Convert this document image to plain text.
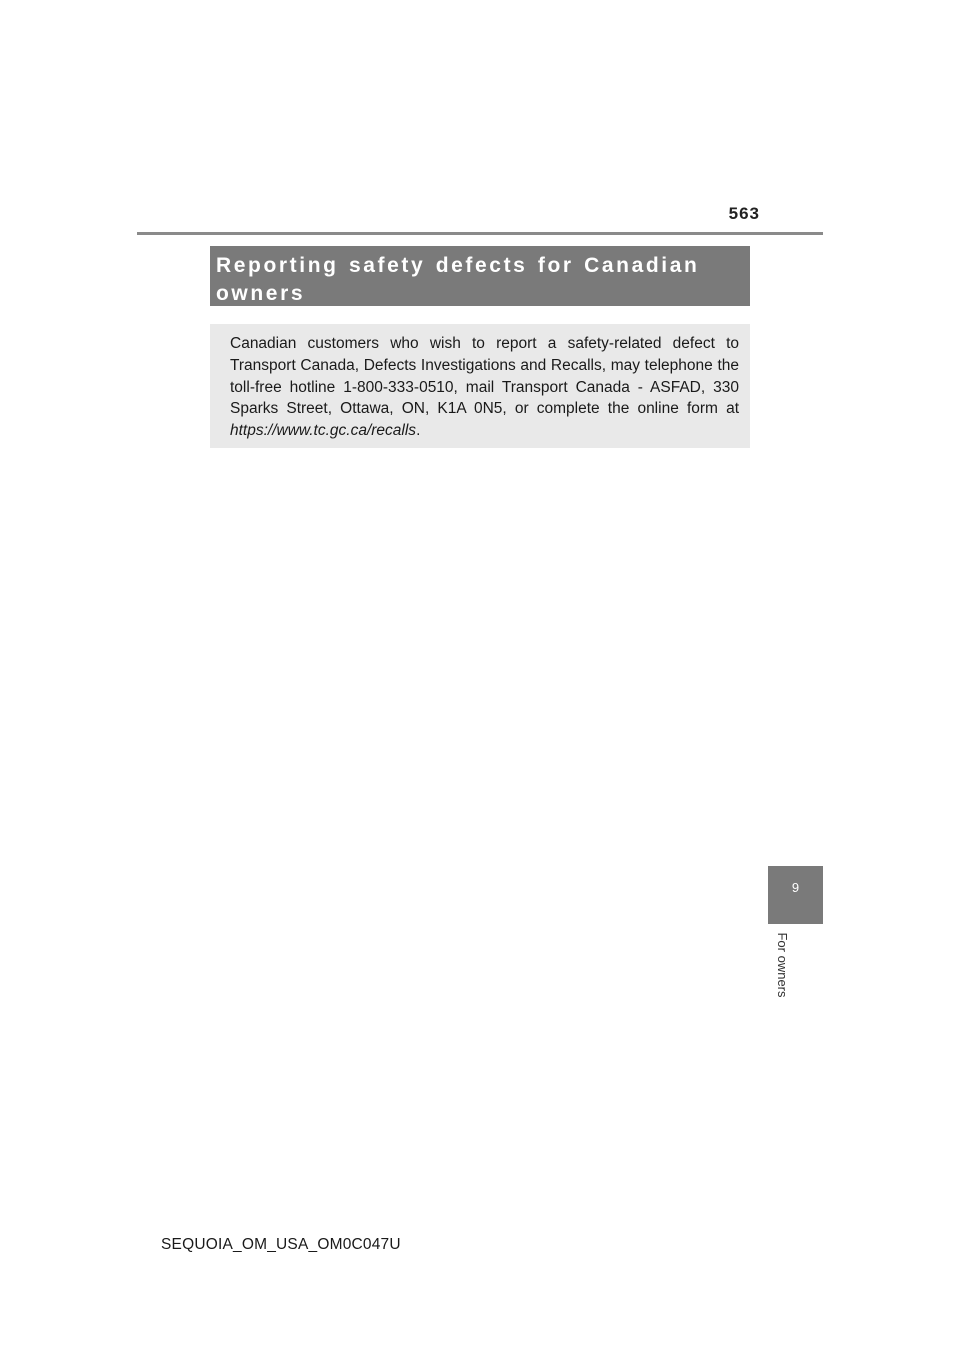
563
Reporting safety defects for Canadian owners

Canadian customers who wish to report a safety-related defect to Transport Canada, Defects Investigations and Recalls, may telephone the toll-free hotline 1-800-333-0510, mail Transport Canada - ASFAD, 330 Sparks Street, Ottawa, ON, K1A 0N5, or complete the online form at https://www.tc.gc.ca/recalls.

9
For owners
SEQUOIA_OM_USA_OM0C047U
